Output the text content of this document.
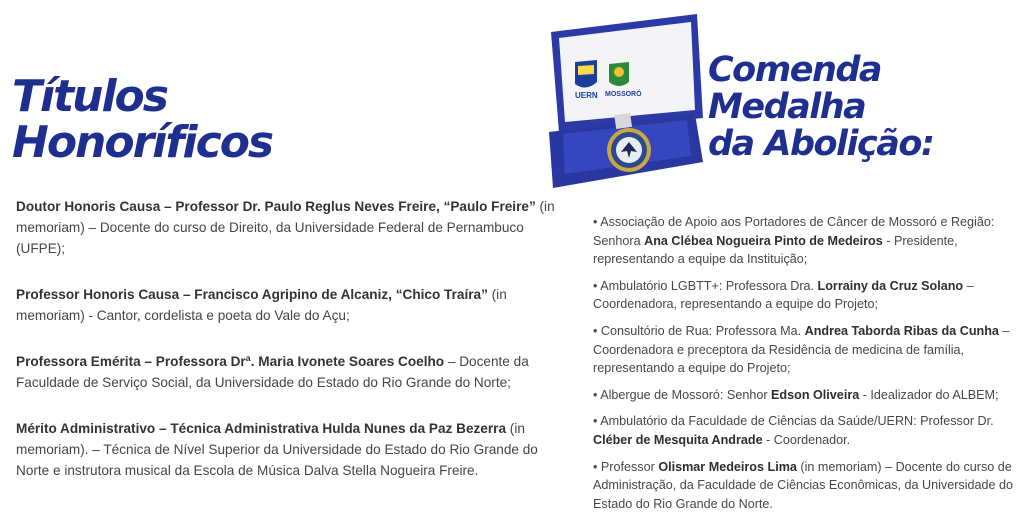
Títulos
Honoríficos

Doutor Honoris Causa – Professor Dr. Paulo Reglus Neves Freire, “Paulo Freire” (in memoriam) – Docente do curso de Direito, da Universidade Federal de Pernambuco (UFPE);

Professor Honoris Causa – Francisco Agripino de Alcaniz, “Chico Traíra” (in memoriam) - Cantor, cordelista e poeta do Vale do Açu;

Professora Emérita – Professora Drª. Maria Ivonete Soares Coelho – Docente da Faculdade de Serviço Social, da Universidade do Estado do Rio Grande do Norte;

Mérito Administrativo – Técnica Administrativa Hulda Nunes da Paz Bezerra (in memoriam). – Técnica de Nível Superior da Universidade do Estado do Rio Grande do Norte e instrutora musical da Escola de Música Dalva Stella Nogueira Freire.

UERN MOSSORÓ
Comenda
Medalha
da Abolição:

• Associação de Apoio aos Portadores de Câncer de Mossoró e Região: Senhora Ana Clébea Nogueira Pinto de Medeiros - Presidente, representando a equipe da Instituição;

• Ambulatório LGBTT+: Professora Dra. Lorrainy da Cruz Solano – Coordenadora, representando a equipe do Projeto;

• Consultório de Rua: Professora Ma. Andrea Taborda Ribas da Cunha – Coordenadora e preceptora da Residência de medicina de família, representando a equipe do Projeto;

• Albergue de Mossoró: Senhor Edson Oliveira - Idealizador do ALBEM;

• Ambulatório da Faculdade de Ciências da Saúde/UERN: Professor Dr. Cléber de Mesquita Andrade - Coordenador.

• Professor Olismar Medeiros Lima (in memoriam) – Docente do curso de Administração, da Faculdade de Ciências Econômicas, da Universidade do Estado do Rio Grande do Norte.
